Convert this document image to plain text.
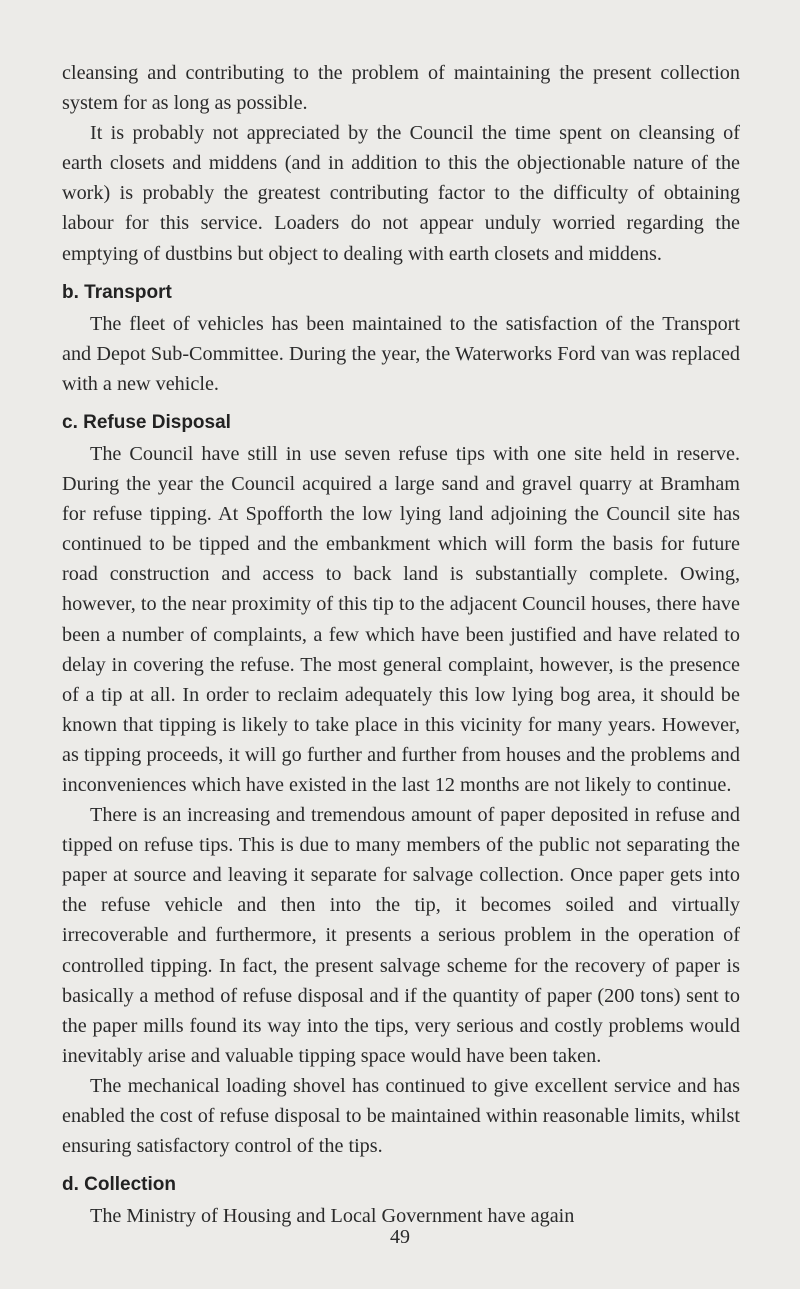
cleansing and contributing to the problem of maintaining the present collection system for as long as possible.

It is probably not appreciated by the Council the time spent on cleansing of earth closets and middens (and in addition to this the objectionable nature of the work) is probably the greatest contributing factor to the difficulty of obtaining labour for this service. Loaders do not appear unduly worried regarding the emptying of dustbins but object to dealing with earth closets and middens.

b. Transport

The fleet of vehicles has been maintained to the satisfaction of the Transport and Depot Sub-Committee. During the year, the Waterworks Ford van was replaced with a new vehicle.

c. Refuse Disposal

The Council have still in use seven refuse tips with one site held in reserve. During the year the Council acquired a large sand and gravel quarry at Bramham for refuse tipping. At Spofforth the low lying land adjoining the Council site has continued to be tipped and the embankment which will form the basis for future road construction and access to back land is substantially complete. Owing, however, to the near proximity of this tip to the adjacent Council houses, there have been a number of complaints, a few which have been justified and have related to delay in covering the refuse. The most general complaint, however, is the presence of a tip at all. In order to reclaim adequately this low lying bog area, it should be known that tipping is likely to take place in this vicinity for many years. However, as tipping proceeds, it will go further and further from houses and the problems and inconveniences which have existed in the last 12 months are not likely to continue.

There is an increasing and tremendous amount of paper deposited in refuse and tipped on refuse tips. This is due to many members of the public not separating the paper at source and leaving it separate for salvage collection. Once paper gets into the refuse vehicle and then into the tip, it becomes soiled and virtually irrecoverable and furthermore, it presents a serious problem in the operation of controlled tipping. In fact, the present salvage scheme for the recovery of paper is basically a method of refuse disposal and if the quantity of paper (200 tons) sent to the paper mills found its way into the tips, very serious and costly problems would inevitably arise and valuable tipping space would have been taken.

The mechanical loading shovel has continued to give excellent service and has enabled the cost of refuse disposal to be maintained within reasonable limits, whilst ensuring satisfactory control of the tips.

d. Collection

The Ministry of Housing and Local Government have again

49
